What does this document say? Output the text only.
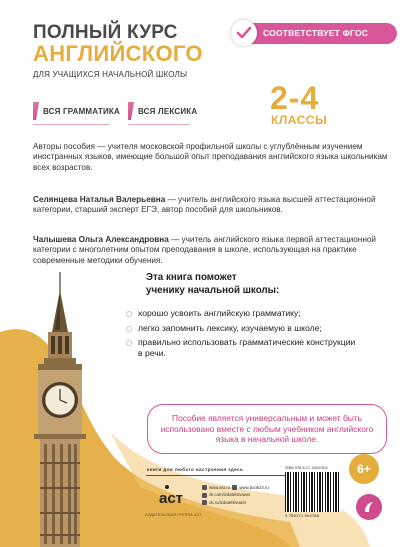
ПОЛНЫЙ КУРС
АНГЛИЙСКОГО
ДЛЯ УЧАЩИХСЯ НАЧАЛЬНОЙ ШКОЛЫ
СООТВЕТСТВУЕТ ФГОС
ВСЯ ГРАММАТИКА ВСЯ ЛЕКСИКА 2-4
КЛАССЫ
Авторы пособия — учителя московской профильной школы с углублённым изучением иностранных языков, имеющие большой опыт преподавания английского языка школьникам всех возрастов.
Селянцева Наталья Валерьевна — учитель английского языка высшей аттестационной категории, старший эксперт ЕГЭ, автор пособий для школьников.
Чалышева Ольга Александровна — учитель английского языка первой аттестационной категории с многолетним опытом преподавания в школе, использующая на практике современные методики обучения.
Эта книга поможет
ученику начальной школы:
хорошо усвоить английскую грамматику;
легко запомнить лексику, изучаемую в школе;
правильно использовать грамматические конструкции в речи.
Пособие является универсальным и может быть использовано вместе с любым учебником английского языка в начальной школе.
6+
книги для любого настроения здесь
аст
ИЗДАТЕЛЬСКАЯ ГРУППА АСТ
www.ast.ru
www.book24.ru
vk.com/izdatelstvoast
ok.ru/izdatelstvoast
ISBN 978-5-17-150478-6
9 785171 504786
